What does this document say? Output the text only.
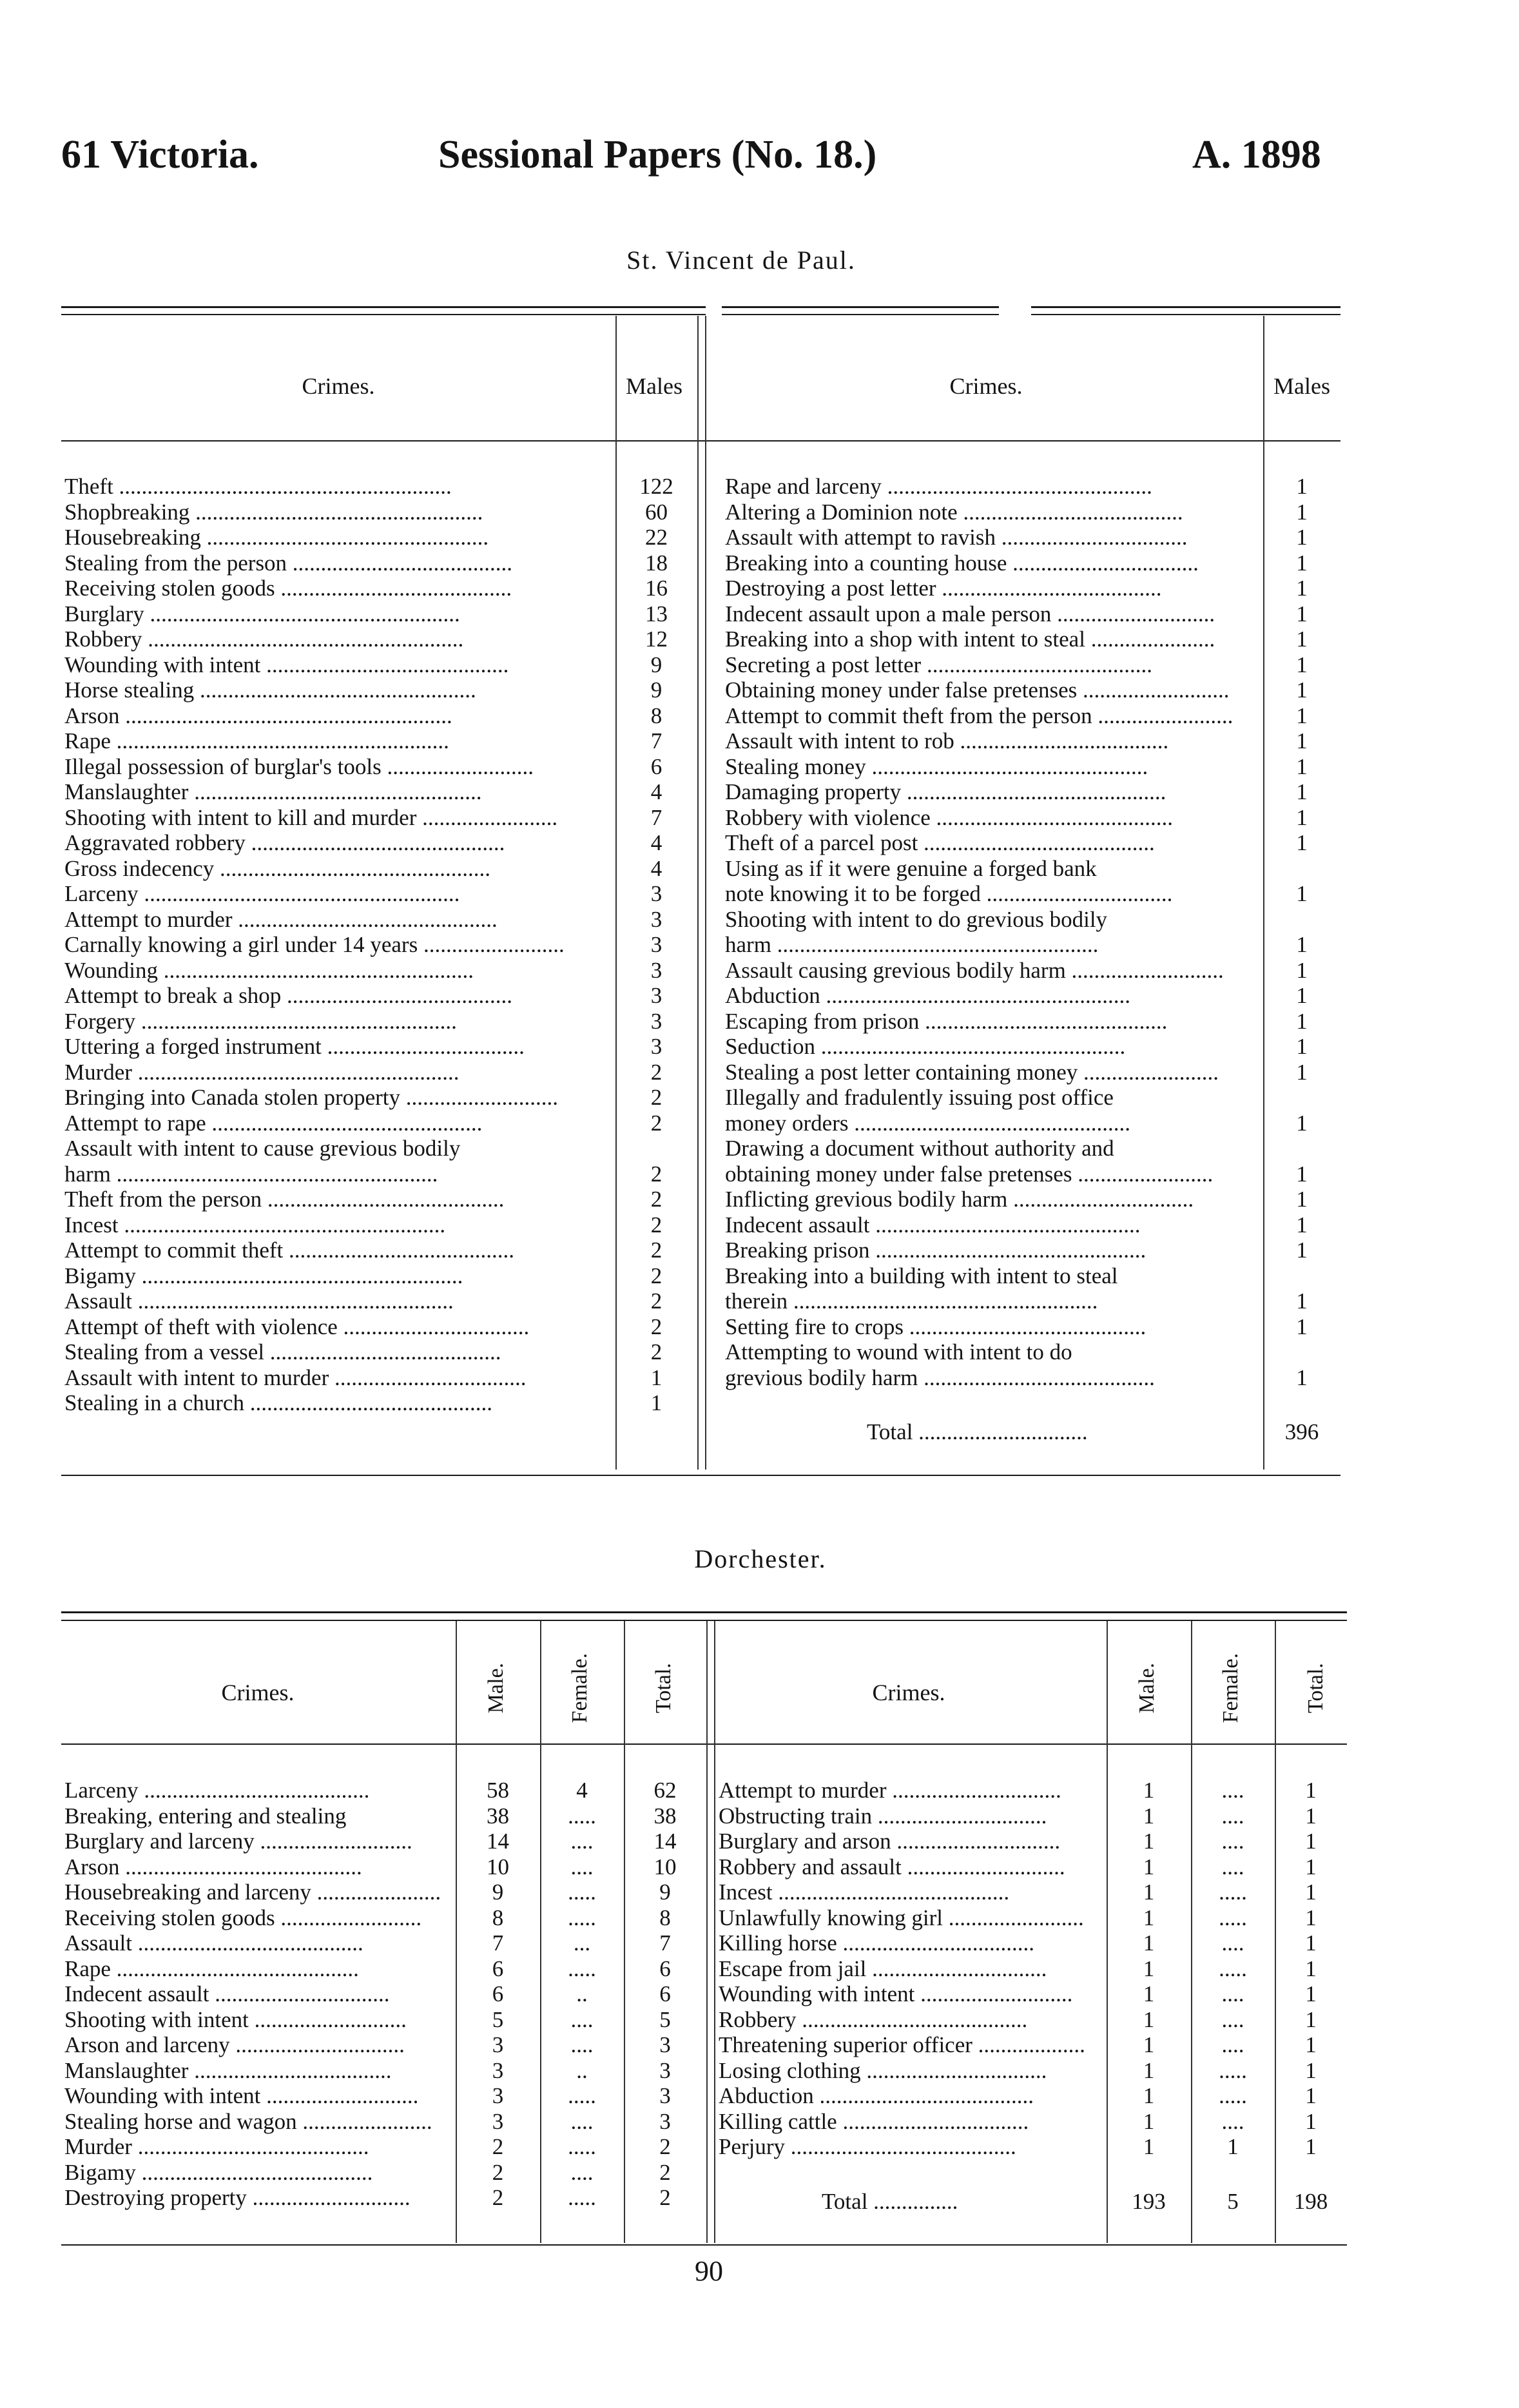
61 Victoria.	Sessional Papers (No. 18.)	A. 1898
St. Vincent de Paul.
Crimes.	Males	Crimes.	Males
Theft ...........................................................	122
Shopbreaking ...................................................	60
Housebreaking ..................................................	22
Stealing from the person .......................................	18
Receiving stolen goods .........................................	16
Burglary .......................................................	13
Robbery ........................................................	12
Wounding with intent ...........................................	9
Horse stealing .................................................	9
Arson ..........................................................	8
Rape ...........................................................	7
Illegal possession of burglar's tools ..........................	6
Manslaughter ...................................................	4
Shooting with intent to kill and murder ........................	7
Aggravated robbery .............................................	4
Gross indecency ................................................	4
Larceny ........................................................	3
Attempt to murder ..............................................	3
Carnally knowing a girl under 14 years .........................	3
Wounding .......................................................	3
Attempt to break a shop ........................................	3
Forgery ........................................................	3
Uttering a forged instrument ...................................	3
Murder .........................................................	2
Bringing into Canada stolen property ...........................	2
Attempt to rape ................................................	2
Assault with intent to cause grevious bodily
harm .........................................................	2
Theft from the person ..........................................	2
Incest .........................................................	2
Attempt to commit theft ........................................	2
Bigamy .........................................................	2
Assault ........................................................	2
Attempt of theft with violence .................................	2
Stealing from a vessel .........................................	2
Assault with intent to murder ..................................	1
Stealing in a church ...........................................	1
Rape and larceny ...............................................	1
Altering a Dominion note .......................................	1
Assault with attempt to ravish .................................	1
Breaking into a counting house .................................	1
Destroying a post letter .......................................	1
Indecent assault upon a male person ............................	1
Breaking into a shop with intent to steal ......................	1
Secreting a post letter ........................................	1
Obtaining money under false pretenses ..........................	1
Attempt to commit theft from the person ........................	1
Assault with intent to rob .....................................	1
Stealing money .................................................	1
Damaging property ..............................................	1
Robbery with violence ..........................................	1
Theft of a parcel post .........................................	1
Using as if it were genuine a forged bank
note knowing it to be forged .................................	1
Shooting with intent to do grevious bodily
harm .........................................................	1
Assault causing grevious bodily harm ...........................	1
Abduction ......................................................	1
Escaping from prison ...........................................	1
Seduction ......................................................	1
Stealing a post letter containing money ........................	1
Illegally and fradulently issuing post office
money orders .................................................	1
Drawing a document without authority and
obtaining money under false pretenses ........................	1
Inflicting grevious bodily harm ................................	1
Indecent assault ...............................................	1
Breaking prison ................................................	1
Breaking into a building with intent to steal
therein ......................................................	1
Setting fire to crops ..........................................	1
Attempting to wound with intent to do
grevious bodily harm .........................................	1
Total ..............................	396
Dorchester.
Crimes.	Male.	Female.	Total.	Crimes.	Male.	Female.	Total.
Larceny ........................................	58	4	62
Breaking, entering and stealing	38	.....	38
Burglary and larceny ...........................	14	....	14
Arson ..........................................	10	....	10
Housebreaking and larceny ......................	9	.....	9
Receiving stolen goods .........................	8	.....	8
Assault ........................................	7	...	7
Rape ...........................................	6	.....	6
Indecent assault ...............................	6	..	6
Shooting with intent ...........................	5	....	5
Arson and larceny ..............................	3	....	3
Manslaughter ...................................	3	..	3
Wounding with intent ...........................	3	.....	3
Stealing horse and wagon .......................	3	....	3
Murder .........................................	2	.....	2
Bigamy .........................................	2	....	2
Destroying property ............................	2	.....	2
Attempt to murder ..............................	1	....	1
Obstructing train ..............................	1	....	1
Burglary and arson .............................	1	....	1
Robbery and assault ............................	1	....	1
Incest .........................................	1	.....	1
Unlawfully knowing girl ........................	1	.....	1
Killing horse ..................................	1	....	1
Escape from jail ...............................	1	.....	1
Wounding with intent ...........................	1	....	1
Robbery ........................................	1	....	1
Threatening superior officer ...................	1	....	1
Losing clothing ................................	1	.....	1
Abduction ......................................	1	.....	1
Killing cattle .................................	1	....	1
Perjury ........................................	1	1	1
Total ...............	193	5	198
90
